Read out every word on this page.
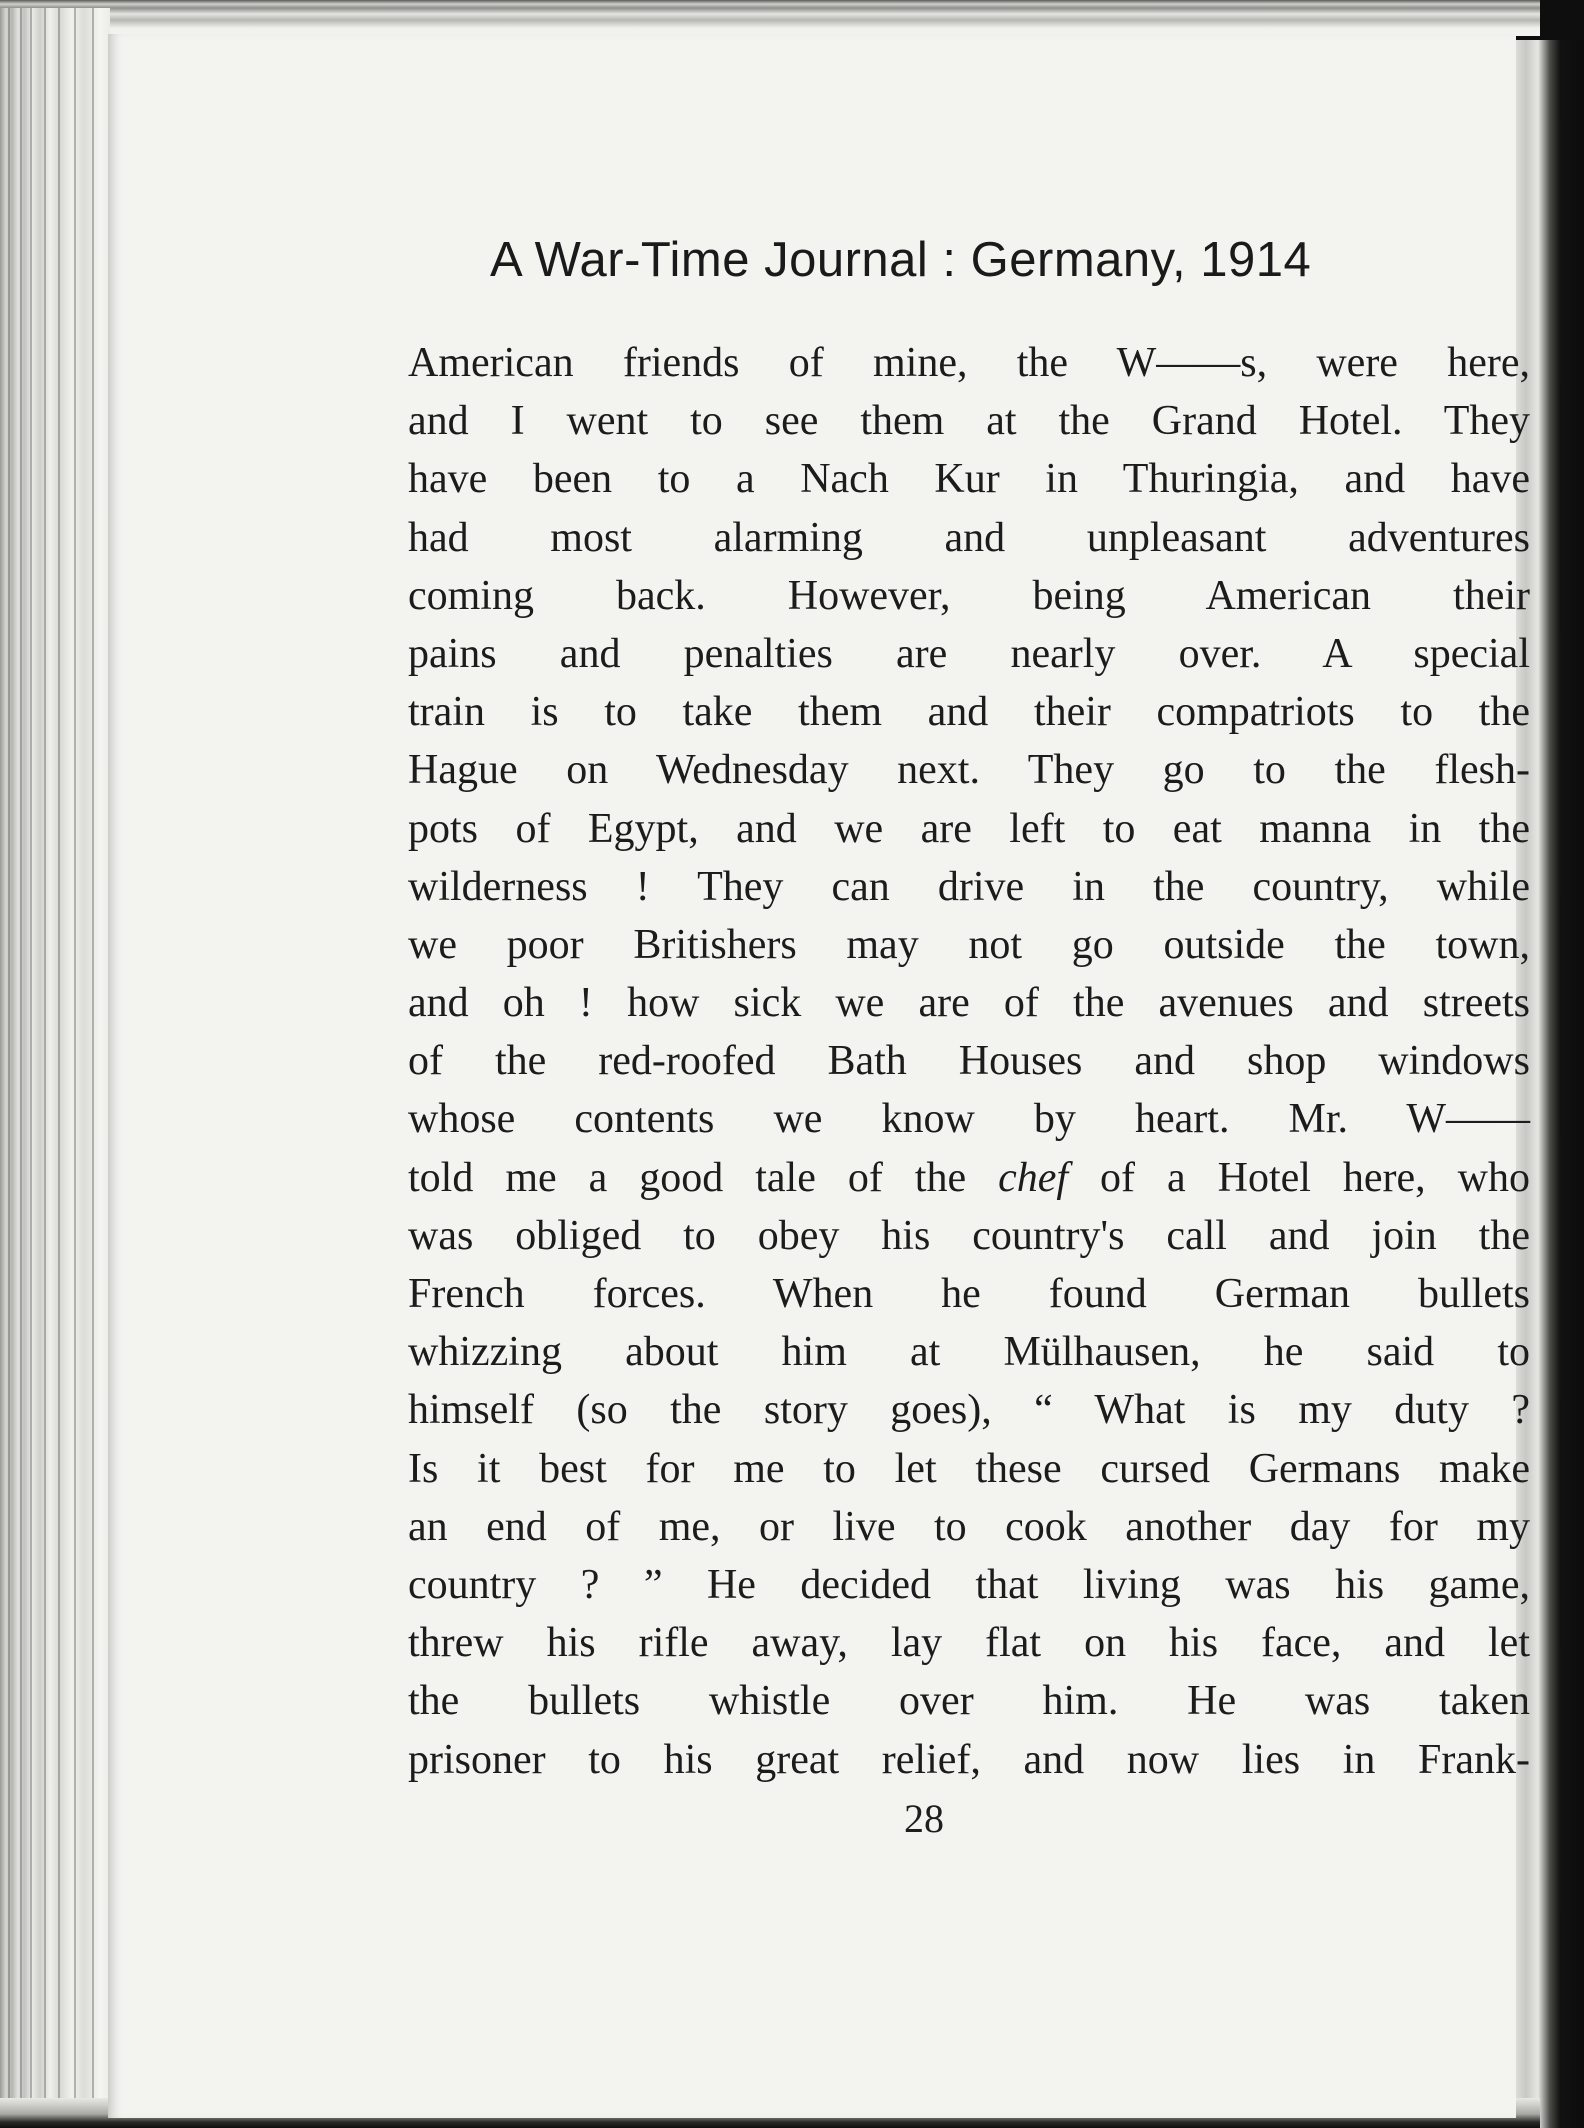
A War-Time Journal : Germany, 1914
American friends of mine, the W——s, were here,
and I went to see them at the Grand Hotel. They
have been to a Nach Kur in Thuringia, and have
had most alarming and unpleasant adventures
coming back. However, being American their
pains and penalties are nearly over. A special
train is to take them and their compatriots to the
Hague on Wednesday next. They go to the flesh-
pots of Egypt, and we are left to eat manna in the
wilderness ! They can drive in the country, while
we poor Britishers may not go outside the town,
and oh ! how sick we are of the avenues and streets
of the red-roofed Bath Houses and shop windows
whose contents we know by heart. Mr. W——
told me a good tale of the chef of a Hotel here, who
was obliged to obey his country's call and join the
French forces. When he found German bullets
whizzing about him at Mülhausen, he said to
himself (so the story goes), “ What is my duty ?
Is it best for me to let these cursed Germans make
an end of me, or live to cook another day for my
country ? ” He decided that living was his game,
threw his rifle away, lay flat on his face, and let
the bullets whistle over him. He was taken
prisoner to his great relief, and now lies in Frank-
28
